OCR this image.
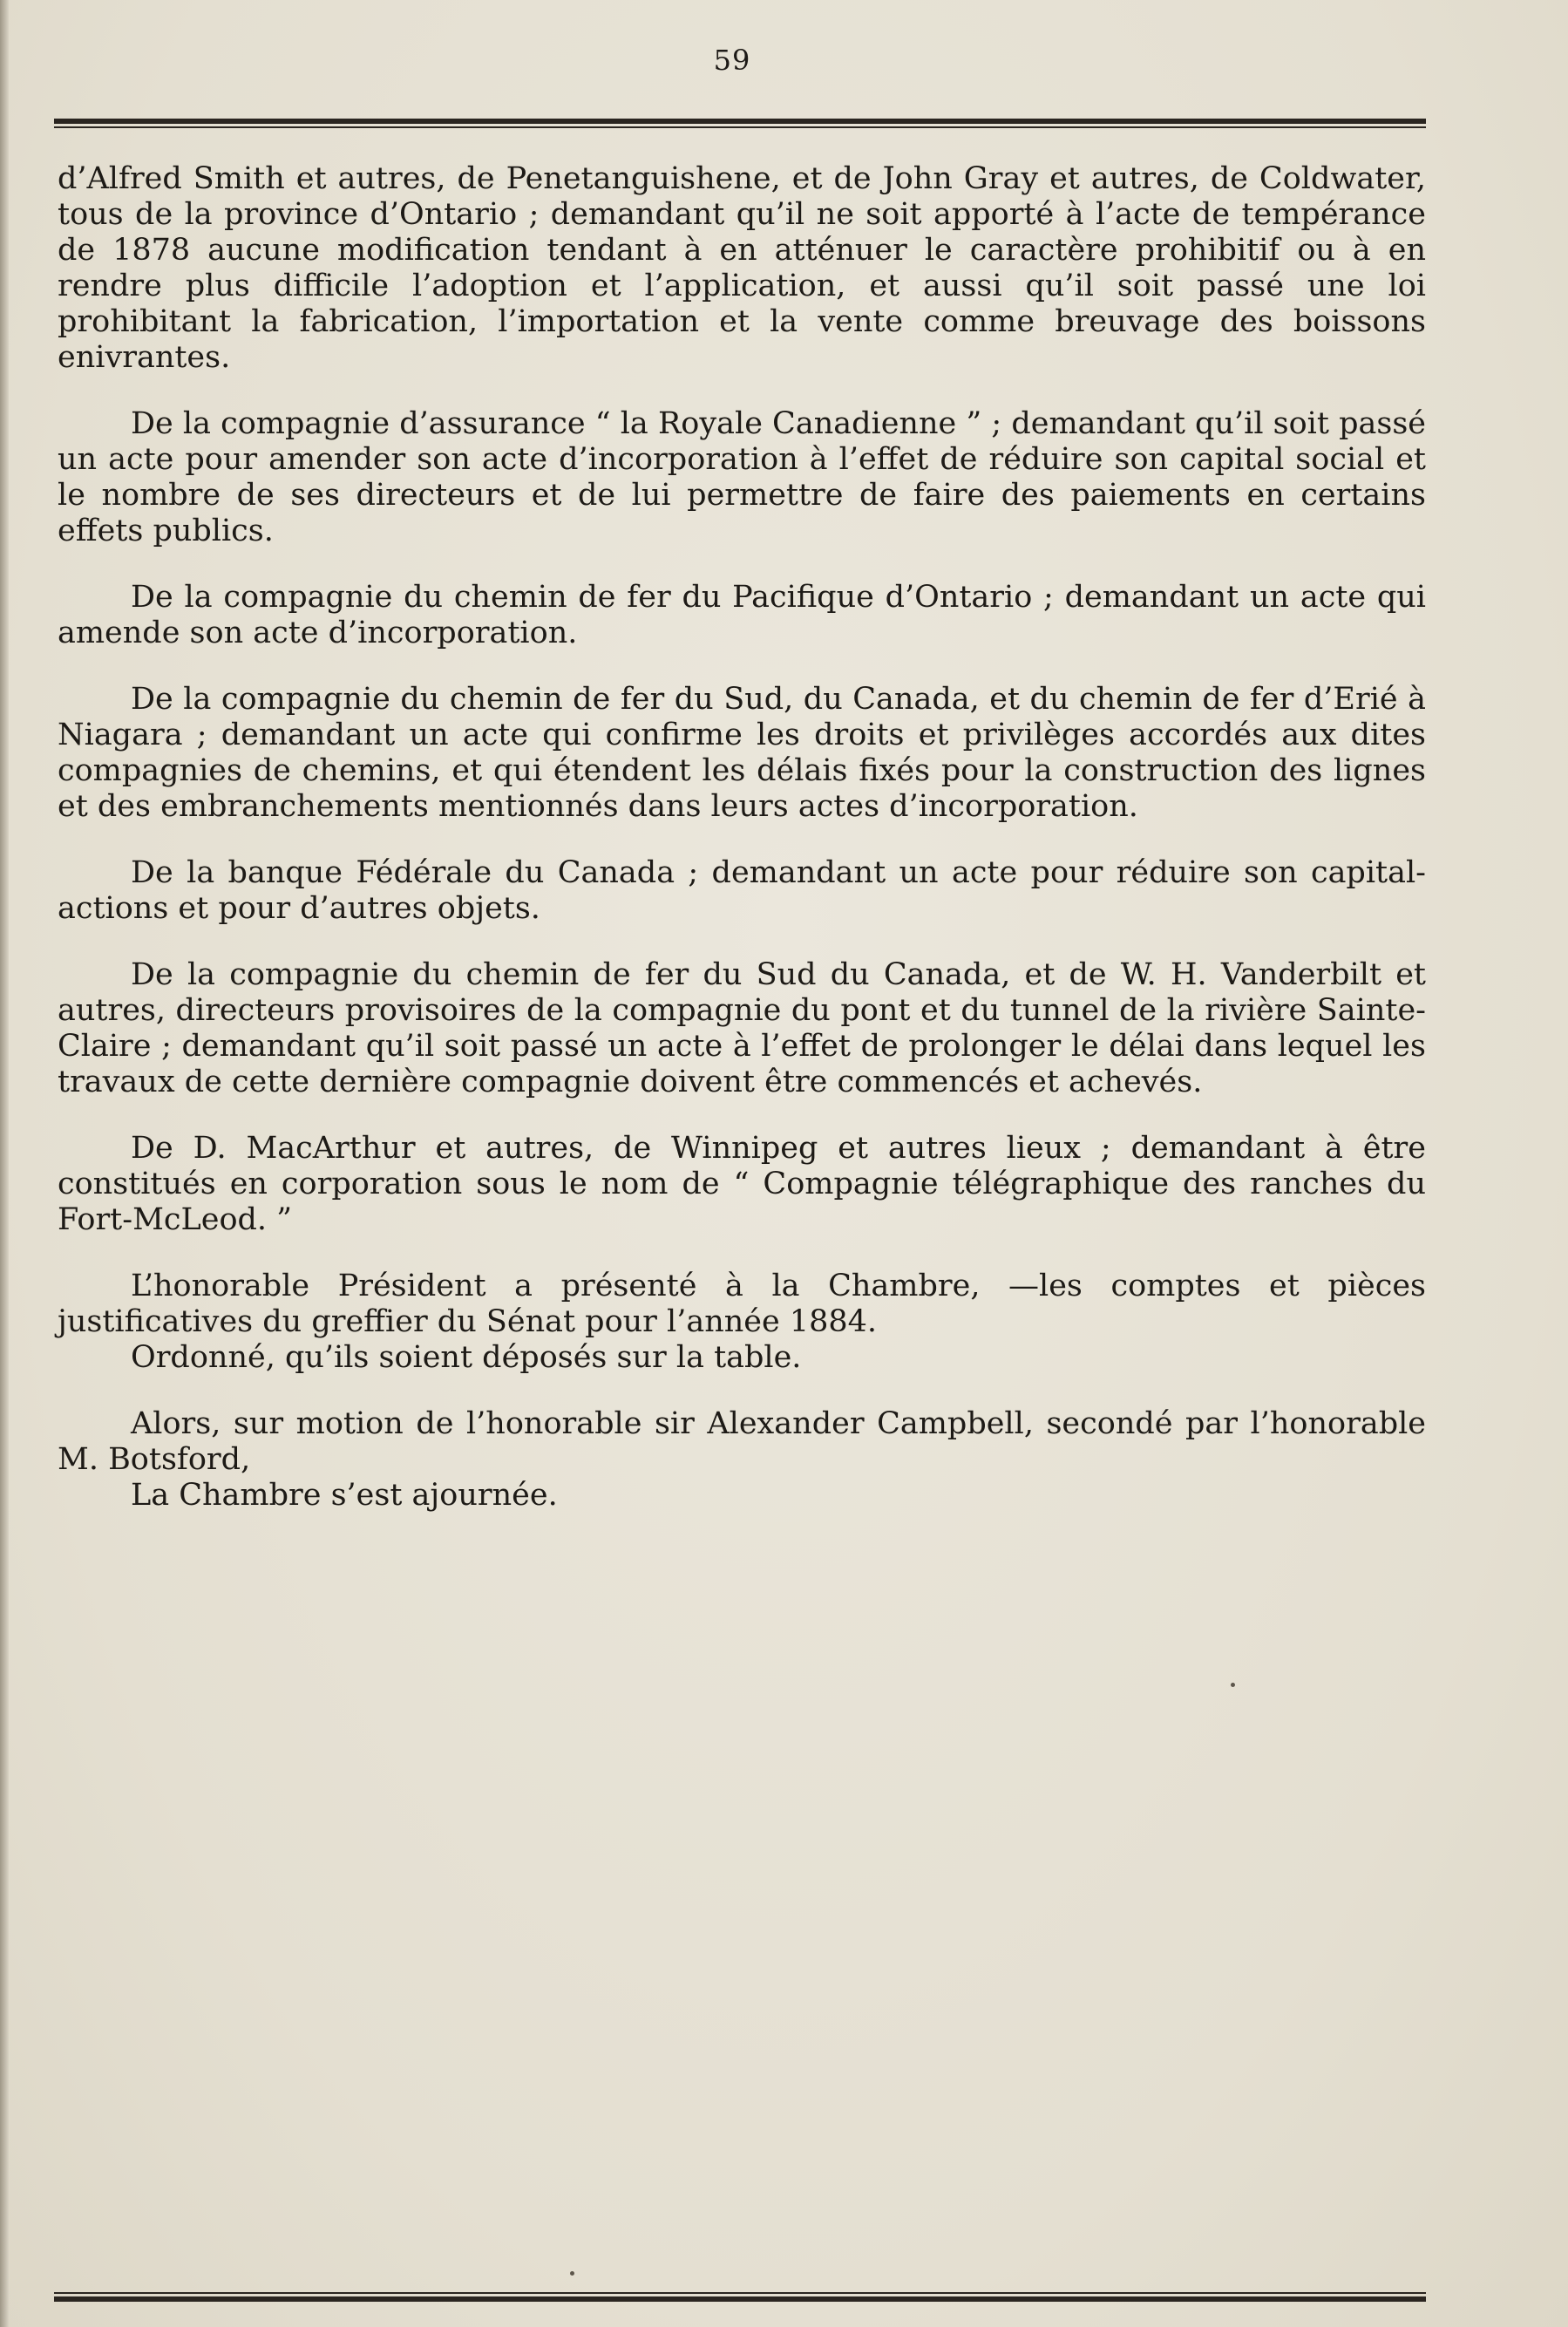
59

d’Alfred Smith et autres, de Penetanguishene, et de John Gray et autres, de Coldwater, tous de la province d’Ontario ; demandant qu’il ne soit apporté à l’acte de tempérance de 1878 aucune modification tendant à en atténuer le caractère prohibitif ou à en rendre plus difficile l’adoption et l’application, et aussi qu’il soit passé une loi prohibitant la fabrication, l’importation et la vente comme breuvage des boissons enivrantes.

De la compagnie d’assurance “ la Royale Canadienne ” ; demandant qu’il soit passé un acte pour amender son acte d’incorporation à l’effet de réduire son capital social et le nombre de ses directeurs et de lui permettre de faire des paiements en certains effets publics.

De la compagnie du chemin de fer du Pacifique d’Ontario ; demandant un acte qui amende son acte d’incorporation.

De la compagnie du chemin de fer du Sud, du Canada, et du chemin de fer d’Erié à Niagara ; demandant un acte qui confirme les droits et privilèges accordés aux dites compagnies de chemins, et qui étendent les délais fixés pour la construction des lignes et des embranchements mentionnés dans leurs actes d’incorporation.

De la banque Fédérale du Canada ; demandant un acte pour réduire son capital-actions et pour d’autres objets.

De la compagnie du chemin de fer du Sud du Canada, et de W. H. Vanderbilt et autres, directeurs provisoires de la compagnie du pont et du tunnel de la rivière Sainte-Claire ; demandant qu’il soit passé un acte à l’effet de prolonger le délai dans lequel les travaux de cette dernière compagnie doivent être commencés et achevés.

De D. MacArthur et autres, de Winnipeg et autres lieux ; demandant à être constitués en corporation sous le nom de “ Compagnie télégraphique des ranches du Fort-McLeod. ”

L’honorable Président a présenté à la Chambre, —les comptes et pièces justificatives du greffier du Sénat pour l’année 1884.

Ordonné, qu’ils soient déposés sur la table.

Alors, sur motion de l’honorable sir Alexander Campbell, secondé par l’honorable M. Botsford,

La Chambre s’est ajournée.
